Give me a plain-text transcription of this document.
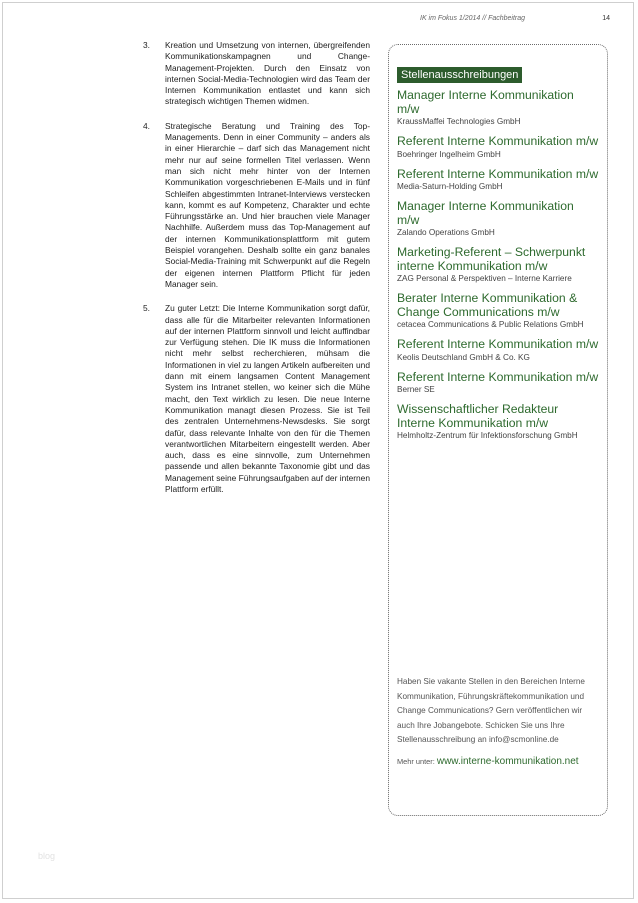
IK im Fokus 1/2014 // Fachbeitrag	14
3.	Kreation und Umsetzung von internen, übergreifenden Kommunikationskampagnen und Change-Management-Projekten. Durch den Einsatz von internen Social-Media-Technologien wird das Team der Internen Kommunikation entlastet und kann sich strategisch wichtigen Themen widmen.
4.	Strategische Beratung und Training des Top-Managements. Denn in einer Community – anders als in einer Hierarchie – darf sich das Management nicht mehr nur auf seine formellen Titel verlassen. Wenn man sich nicht mehr hinter von der Internen Kommunikation vorgeschriebenen E-Mails und in fünf Schleifen abgestimmten Intranet-Interviews verstecken kann, kommt es auf Kompetenz, Charakter und echte Führungsstärke an. Und hier brauchen viele Manager Nachhilfe. Außerdem muss das Top-Management auf der internen Kommunikationsplattform mit gutem Beispiel vorangehen. Deshalb sollte ein ganz banales Social-Media-Training mit Schwerpunkt auf die Regeln der eigenen internen Plattform Pflicht für jeden Manager sein.
5.	Zu guter Letzt: Die Interne Kommunikation sorgt dafür, dass alle für die Mitarbeiter relevanten Informationen auf der internen Plattform sinnvoll und leicht auffindbar zur Verfügung stehen. Die IK muss die Informationen nicht mehr selbst recherchieren, mühsam die Informationen in viel zu langen Artikeln aufbereiten und dann mit einem langsamen Content Management System ins Intranet stellen, wo keiner sich die Mühe macht, den Text wirklich zu lesen. Die neue Interne Kommunikation managt diesen Prozess. Sie ist Teil des zentralen Unternehmens-Newsdesks. Sie sorgt dafür, dass relevante Inhalte von den für die Themen verantwortlichen Mitarbeitern eingestellt werden. Aber auch, dass es eine sinnvolle, zum Unternehmen passende und allen bekannte Taxonomie gibt und das Management seine Führungsaufgaben auf der internen Plattform erfüllt.
Stellenausschreibungen
Manager Interne Kommunikation m/w
KraussMaffei Technologies GmbH
Referent Interne Kommunikation m/w
Boehringer Ingelheim GmbH
Referent Interne Kommunikation m/w
Media-Saturn-Holding GmbH
Manager Interne Kommunikation m/w
Zalando Operations GmbH
Marketing-Referent – Schwerpunkt interne Kommunikation m/w
ZAG Personal & Perspektiven – Interne Karriere
Berater Interne Kommunikation & Change Communications m/w
cetacea Communications & Public Relations GmbH
Referent Interne Kommunikation m/w
Keolis Deutschland GmbH & Co. KG
Referent Interne Kommunikation m/w
Berner SE
Wissenschaftlicher Redakteur Interne Kommunikation m/w
Helmholtz-Zentrum für Infektionsforschung GmbH
Haben Sie vakante Stellen in den Bereichen Interne Kommunikation, Führungskräftekommunikation und Change Communications? Gern veröffentlichen wir auch Ihre Jobangebote. Schicken Sie uns Ihre Stellenausschreibung an info@scmonline.de
Mehr unter: www.interne-kommunikation.net
blog
